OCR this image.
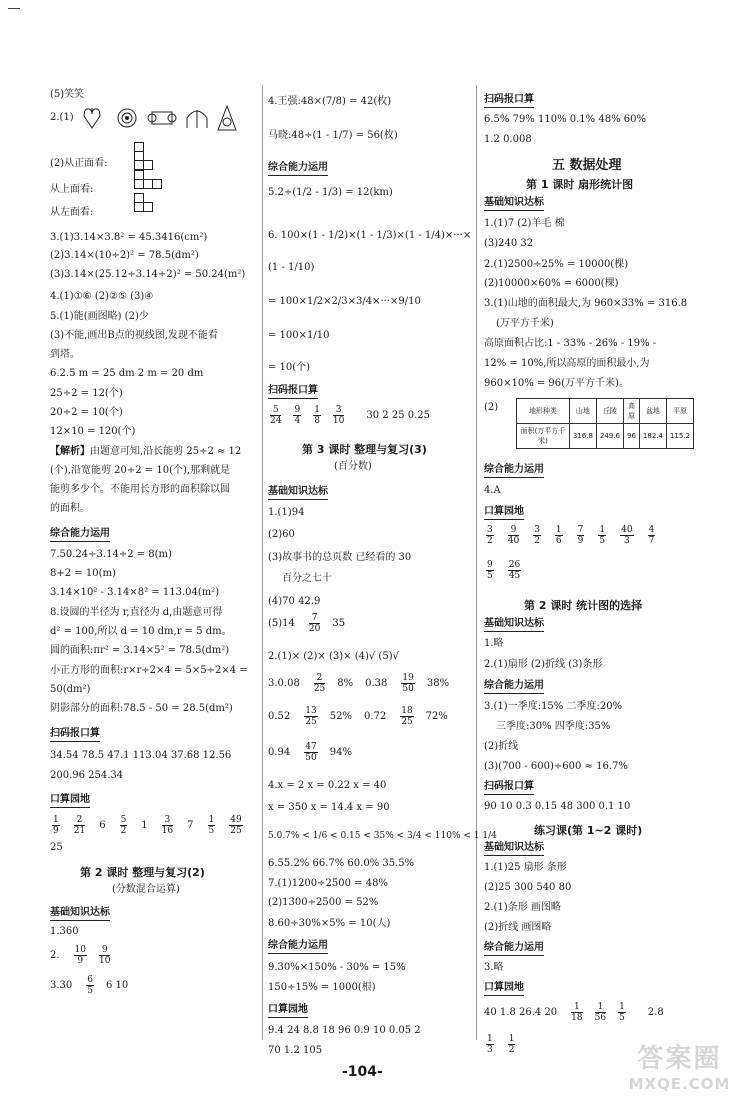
(5)笑笑
2.(1)
(2)从正面看:
从上面看:
从左面看:
3.(1)3.14×3.8² = 45.3416(cm²)
(2)3.14×(10÷2)² = 78.5(dm²)
(3)3.14×(25.12÷3.14÷2)² = 50.24(m²)
4.(1)①⑥ (2)②⑤ (3)④
5.(1)能(画图略) (2)少
(3)不能,画出B点的视线图,发现不能看
到塔。
6.2.5 m = 25 dm 2 m = 20 dm
25÷2 = 12(个)
20÷2 = 10(个)
12×10 = 120(个)
【解析】由题意可知,沿长能剪 25÷2 ≈ 12
(个),沿宽能剪 20÷2 = 10(个),那剩就是
能剪多少个。不能用长方形的面积除以圆
的面积。
综合能力运用
7.50.24÷3.14÷2 = 8(m)
8+2 = 10(m)
3.14×10² - 3.14×8² = 113.04(m²)
8.设圆的半径为 r,直径为 d,由题意可得
d² = 100,所以 d = 10 dm,r = 5 dm。
圆的面积:πr² = 3.14×5² = 78.5(dm²)
小正方形的面积:r×r÷2×4 = 5×5÷2×4 =
50(dm²)
阴影部分的面积:78.5 - 50 = 28.5(dm²)
扫码报口算
34.54 78.5 47.1 113.04 37.68 12.56
200.96 254.34
口算园地
$\frac{1}{9} \frac{2}{21} 6 \frac{5}{2} 1 \frac{3}{16} 7 \frac{1}{5} \frac{49}{25}$
25
第 2 课时 整理与复习(2)
(分数混合运算)
基础知识达标
1.360
2. $\frac{10}{9} \frac{9}{10}$
$3.30 \frac{6}{5} 6$ 10
4.王强:48×(7/8) = 42(枚)
马晓:48÷(1 - 1/7) = 56(枚)
综合能力运用
5.2÷(1/2 - 1/3) = 12(km)
6. 100×(1 - 1/2)×(1 - 1/3)×(1 - 1/4)×···×
(1 - 1/10)
= 100×1/2×2/3×3/4×···×9/10
= 100×1/10
= 10(个)
扫码报口算
$\frac{5}{24} \frac{9}{4} \frac{1}{8} \frac{3}{10} 30$ 2 25 0.25
第 3 课时 整理与复习(3)
(百分数)
基础知识达标
1.(1)94
(2)60
(3)故事书的总页数 已经看的 30
百分之七十
(4)70 42.9
$(5)14 \frac{7}{20} 35$
2.(1)× (2)× (3)× (4)√ (5)√
$3.0.08 \frac{2}{25} 8\%$ $0.38 \frac{19}{50} 38\%$
$0.52 \frac{13}{25} 52\%$ $0.72 \frac{18}{25} 72\%$
$0.94 \frac{47}{50} 94\%$
4.x = 2 x = 0.22 x = 40
x = 350 x = 14.4 x = 90
5.0.7% < 1/6 < 0.15 < 35% < 3/4 < 110% < 1 1/4
6.55.2% 66.7% 60.0% 35.5%
7.(1)1200÷2500 = 48%
(2)1300÷2500 = 52%
8.60÷30%×5% = 10(人)
综合能力运用
9.30%×150% - 30% = 15%
150÷15% = 1000(根)
口算园地
9.4 24 8.8 18 96 0.9 10 0.05 2
70 1.2 105
扫码报口算
6.5% 79% 110% 0.1% 48% 60%
1.2 0.008
五 数据处理
第 1 课时 扇形统计图
基础知识达标
1.(1)7 (2)羊毛 棉
(3)240 32
2.(1)2500÷25% = 10000(棵)
(2)10000×60% = 6000(棵)
3.(1)山地的面积最大,为 960×33% = 316.8
(万平方千米)
高原面积占比:1 - 33% - 26% - 19% -
12% = 10%,所以高原的面积最小,为
960×10% = 96(万平方千米)。
(2)	地形种类	山地	丘陵	高原	盆地	平原
面积(万平方千米)	316.8	249.6	96	182.4	115.2
综合能力运用
4.A
口算园地
$\frac{3}{2} \frac{9}{40} \frac{3}{2} \frac{1}{6} \frac{7}{9} \frac{1}{5} \frac{40}{3} \frac{4}{7}$
$\frac{9}{5} \frac{26}{45}$
第 2 课时 统计图的选择
基础知识达标
1.略
2.(1)扇形 (2)折线 (3)条形
综合能力运用
3.(1)一季度:15% 二季度:20%
三季度:30% 四季度:35%
(2)折线
(3)(700 - 600)÷600 ≈ 16.7%
扫码报口算
90 10 0.3 0.15 48 300 0.1 10
练习课(第 1~2 课时)
基础知识达标
1.(1)25 扇形 条形
(2)25 300 540 80
2.(1)条形 画图略
(2)折线 画图略
综合能力运用
3.略
口算园地
40 1.8 26.4 $20 \frac{1}{18} \frac{1}{56} \frac{1}{5} 2.8$
$\frac{1}{3} \frac{1}{2}$
-104-	答案圈
MXQE.COM
